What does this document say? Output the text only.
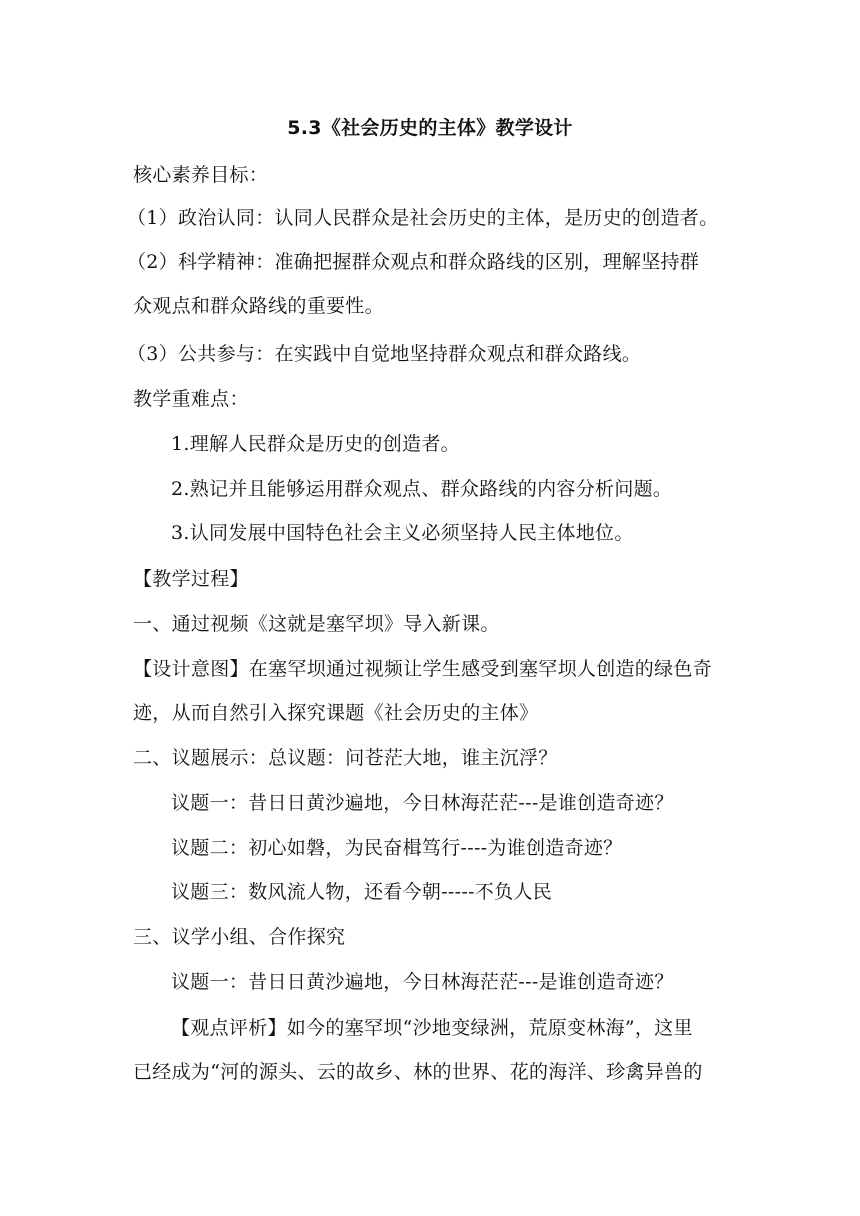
5.3《社会历史的主体》教学设计
核心素养目标：
（1）政治认同：认同人民群众是社会历史的主体，是历史的创造者。
（2）科学精神：准确把握群众观点和群众路线的区别，理解坚持群
众观点和群众路线的重要性。
（3）公共参与：在实践中自觉地坚持群众观点和群众路线。
教学重难点：
1.理解人民群众是历史的创造者。
2.熟记并且能够运用群众观点、群众路线的内容分析问题。
3.认同发展中国特色社会主义必须坚持人民主体地位。
【教学过程】
一、通过视频《这就是塞罕坝》导入新课。
【设计意图】在塞罕坝通过视频让学生感受到塞罕坝人创造的绿色奇
迹，从而自然引入探究课题《社会历史的主体》
二、议题展示：总议题：问苍茫大地，谁主沉浮？
议题一：昔日日黄沙遍地，今日林海茫茫---是谁创造奇迹？
议题二：初心如磐，为民奋楫笃行----为谁创造奇迹？
议题三：数风流人物，还看今朝-----不负人民
三、议学小组、合作探究
议题一：昔日日黄沙遍地，今日林海茫茫---是谁创造奇迹？
【观点评析】如今的塞罕坝“沙地变绿洲，荒原变林海”，这里
已经成为“河的源头、云的故乡、林的世界、花的海洋、珍禽异兽的
